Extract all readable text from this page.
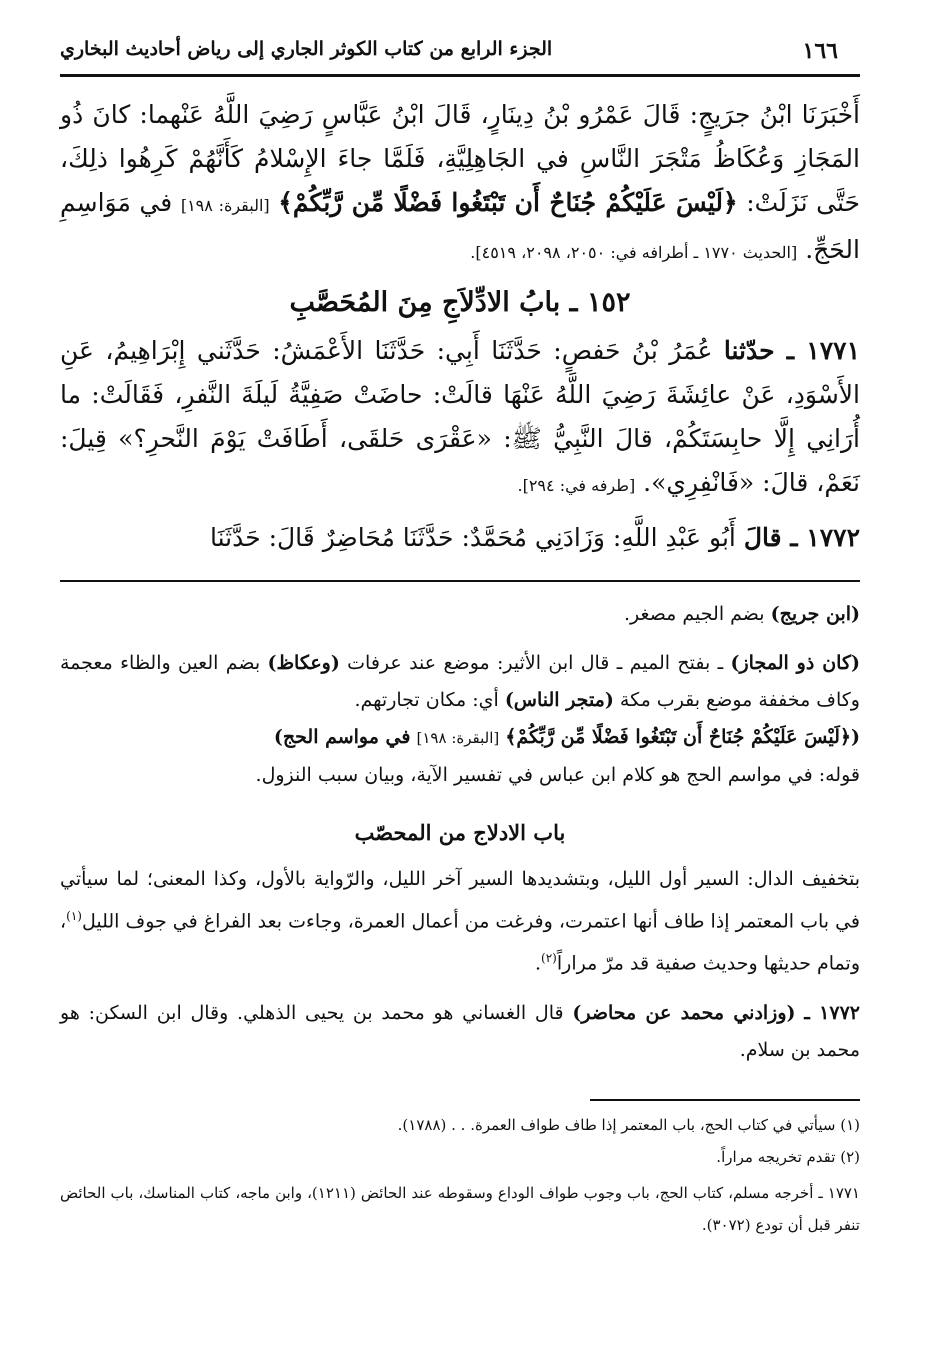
١٦٦
الجزء الرابع من كتاب الكوثر الجاري إلى رياض أحاديث البخاري

أَخْبَرَنَا ابْنُ جرَيجٍ: قَالَ عَمْرُو بْنُ دِينَارٍ، قَالَ ابْنُ عَبَّاسٍ رَضِيَ اللَّهُ عَنْهما: كانَ ذُو المَجَازِ وَعُكَاظُ مَتْجَرَ النَّاسِ في الجَاهِلِيَّةِ، فَلَمَّا جاءَ الإِسْلامُ كَأَنَّهُمْ كَرِهُوا ذلِكَ، حَتَّى نَزَلَتْ: ﴿لَيْسَ عَلَيْكُمْ جُنَاحٌ أَن تَبْتَغُوا فَضْلًا مِّن رَّبِّكُمْ﴾ [البقرة: ١٩٨] في مَوَاسِمِ الحَجِّ. [الحديث ١٧٧٠ ـ أطرافه في: ٢٠٥٠، ٢٠٩٨، ٤٥١٩].

١٥٢ ـ بابُ الادِّلاَجِ مِنَ المُحَصَّبِ

١٧٧١ ـ حدّثنا عُمَرُ بْنُ حَفصٍ: حَدَّثَنَا أَبِي: حَدَّثَنَا الأَعْمَشُ: حَدَّثَني إِبْرَاهِيمُ، عَنِ الأَسْوَدِ، عَنْ عائِشَةَ رَضِيَ اللَّهُ عَنْهَا قالَتْ: حاضَتْ صَفِيَّةُ لَيلَةَ النَّفرِ، فَقَالَتْ: ما أُرَانِي إِلَّا حابِسَتَكُمْ، قالَ النَّبِيُّ ﷺ: «عَقْرَى حَلقَى، أَطَافَتْ يَوْمَ النَّحرِ؟» قِيلَ: نَعَمْ، قالَ: «فَانْفِرِي». [طرفه في: ٢٩٤].

١٧٧٢ ـ قالَ أَبُو عَبْدِ اللَّهِ: وَزَادَنِي مُحَمَّدٌ: حَدَّثَنَا مُحَاضِرٌ قَالَ: حَدَّثَنَا

(ابن جريج) بضم الجيم مصغر.

(كان ذو المجاز) ـ بفتح الميم ـ قال ابن الأثير: موضع عند عرفات (وعكاظ) بضم العين والظاء معجمة وكاف مخففة موضع بقرب مكة (متجر الناس) أي: مكان تجارتهم.

(﴿لَيْسَ عَلَيْكُمْ جُنَاحٌ أَن تَبْتَغُوا فَضْلًا مِّن رَّبِّكُمْ﴾ [البقرة: ١٩٨] في مواسم الحج)

قوله: في مواسم الحج هو كلام ابن عباس في تفسير الآية، وبيان سبب النزول.

باب الادلاج من المحصّب

بتخفيف الدال: السير أول الليل، وبتشديدها السير آخر الليل، والرّواية بالأول، وكذا المعنى؛ لما سيأتي في باب المعتمر إذا طاف أنها اعتمرت، وفرغت من أعمال العمرة، وجاءت بعد الفراغ في جوف الليل$^{(١)}$، وتمام حديثها وحديث صفية قد مرّ مراراً$^{(٢)}$.

١٧٧٢ ـ (وزادني محمد عن محاضر) قال الغساني هو محمد بن يحيى الذهلي. وقال ابن السكن: هو محمد بن سلام.

(١) سيأتي في كتاب الحج، باب المعتمر إذا طاف طواف العمرة. . . (١٧٨٨).

(٢) تقدم تخريجه مراراً.

١٧٧١ ـ أخرجه مسلم، كتاب الحج، باب وجوب طواف الوداع وسقوطه عند الحائض (١٢١١)، وابن ماجه، كتاب المناسك، باب الحائض تنفر قبل أن تودع (٣٠٧٢).
